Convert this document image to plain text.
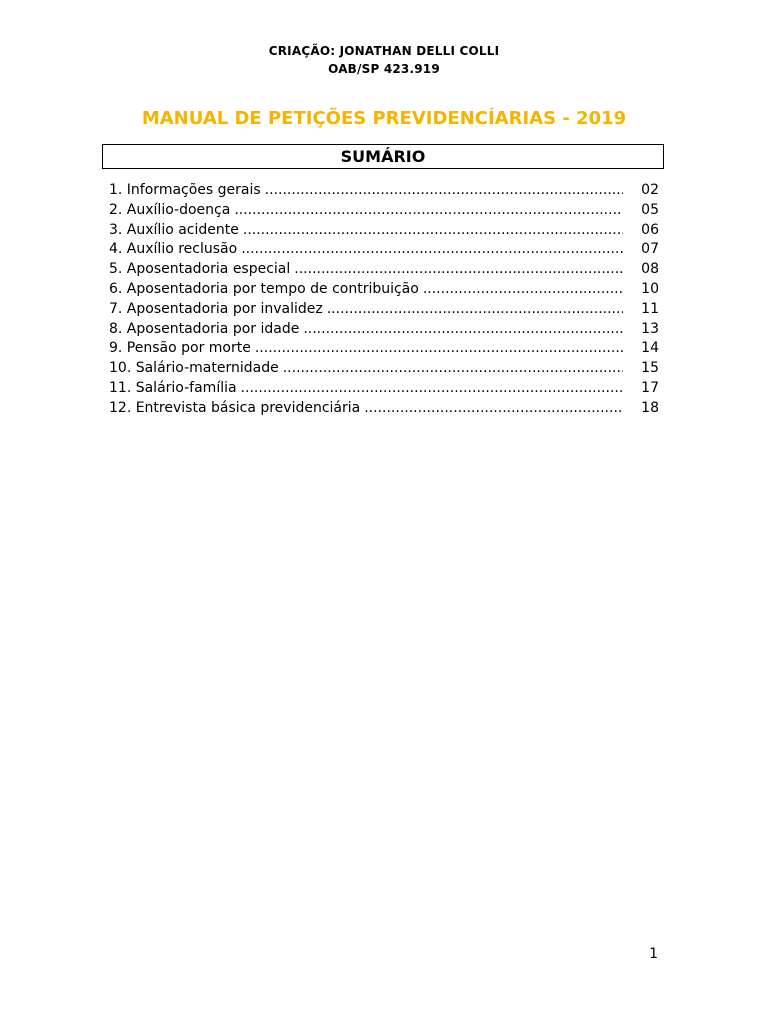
CRIAÇÃO: JONATHAN DELLI COLLI
OAB/SP 423.919
MANUAL DE PETIÇÕES PREVIDENCÍARIAS - 2019
SUMÁRIO
1. Informações gerais .....	02
2. Auxílio-doença .....	05
3. Auxílio acidente .....	06
4. Auxílio reclusão .....	07
5. Aposentadoria especial .....	08
6. Aposentadoria por tempo de contribuição .....	10
7. Aposentadoria por invalidez .....	11
8. Aposentadoria por idade .....	13
9. Pensão por morte .....	14
10. Salário-maternidade .....	15
11. Salário-família .....	17
12. Entrevista básica previdenciária .....	18
1
